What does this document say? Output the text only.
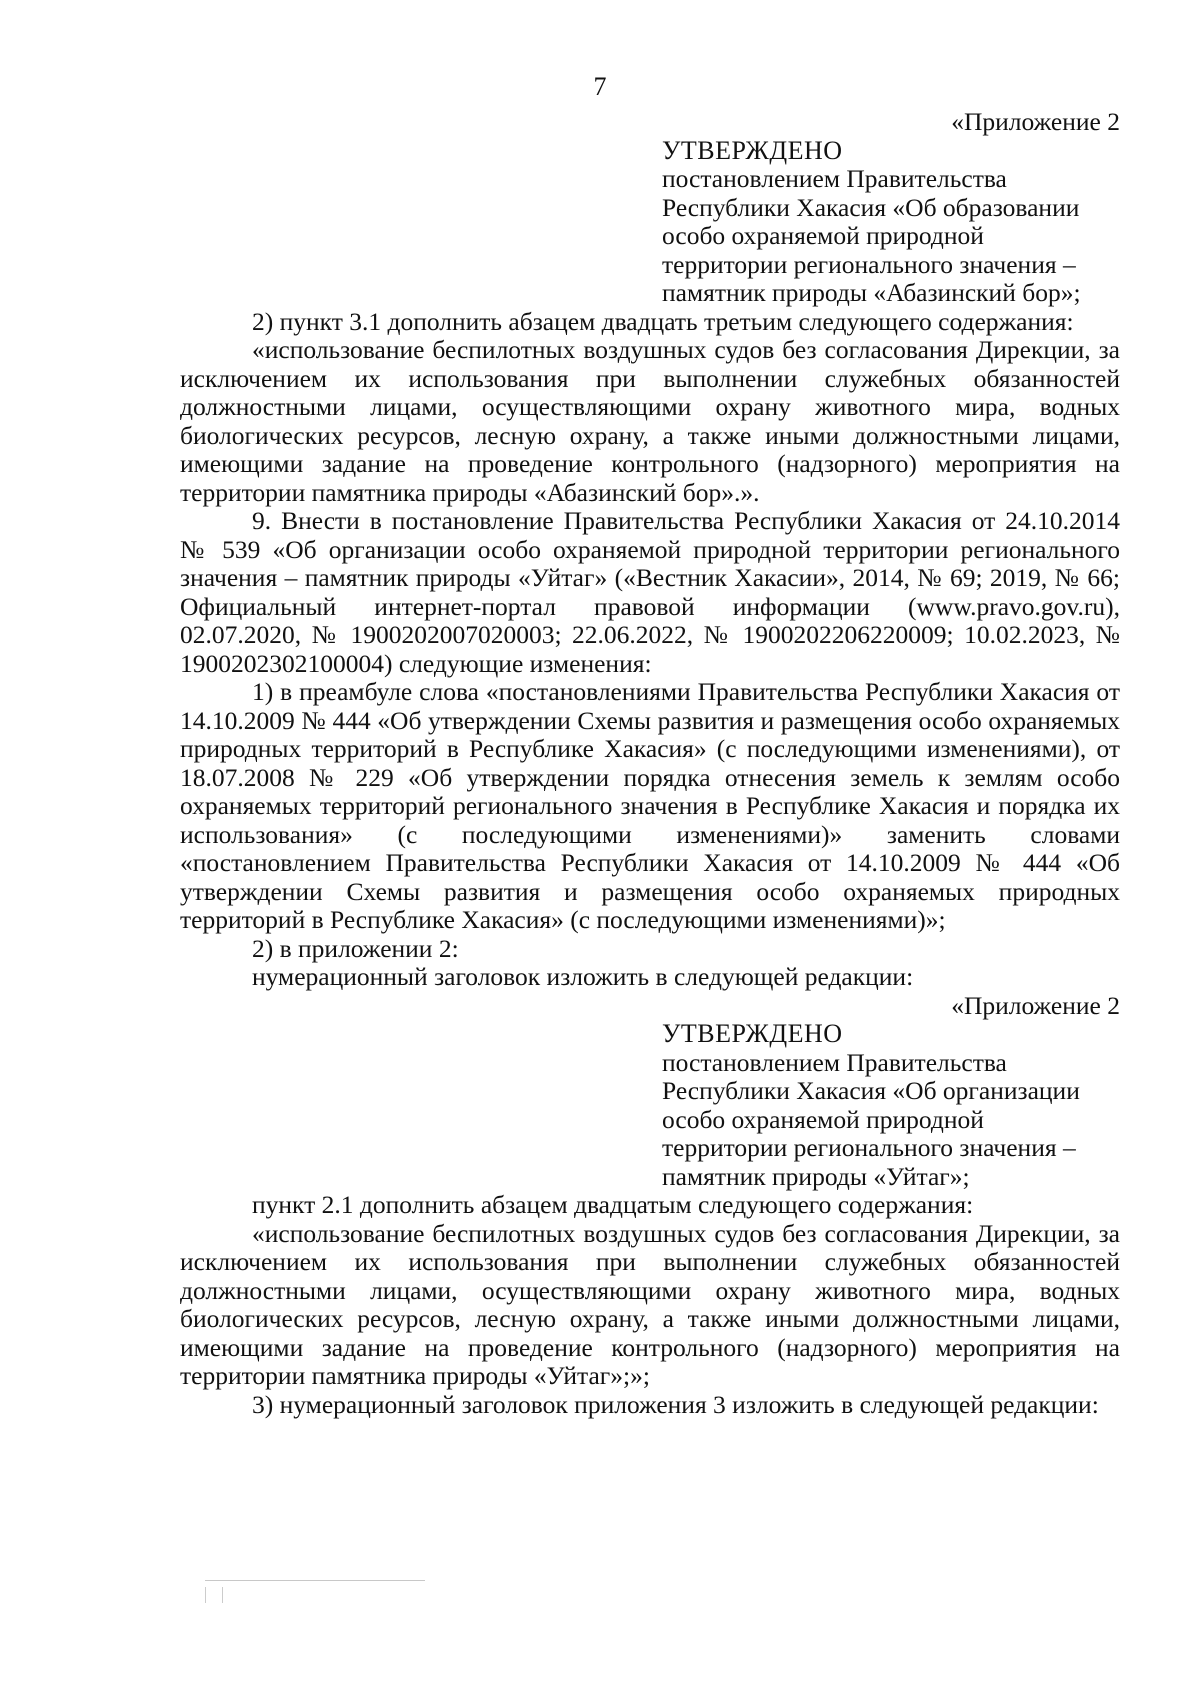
7

«Приложение 2

УТВЕРЖДЕНО

постановлением Правительства

Республики Хакасия «Об образовании

особо охраняемой природной

территории регионального значения –

памятник природы «Абазинский бор»;

2) пункт 3.1 дополнить абзацем двадцать третьим следующего содержания:

«использование беспилотных воздушных судов без согласования Дирекции, за исключением их использования при выполнении служебных обязанностей должностными лицами, осуществляющими охрану животного мира, водных биологических ресурсов, лесную охрану, а также иными должностными лицами, имеющими задание на проведение контрольного (надзорного) мероприятия на территории памятника природы «Абазинский бор».».

9. Внести в постановление Правительства Республики Хакасия от 24.10.2014 № 539 «Об организации особо охраняемой природной территории регионального значения – памятник природы «Уйтаг» («Вестник Хакасии», 2014, № 69; 2019, № 66; Официальный интернет-портал правовой информации (www.pravo.gov.ru), 02.07.2020, № 1900202007020003; 22.06.2022, № 1900202206220009; 10.02.2023, № 1900202302100004) следующие изменения:

1) в преамбуле слова «постановлениями Правительства Республики Хакасия от 14.10.2009 № 444 «Об утверждении Схемы развития и размещения особо охраняемых природных территорий в Республике Хакасия» (с последующими изменениями), от 18.07.2008 № 229 «Об утверждении порядка отнесения земель к землям особо охраняемых территорий регионального значения в Республике Хакасия и порядка их использования» (с последующими изменениями)» заменить словами «постановлением Правительства Республики Хакасия от 14.10.2009 № 444 «Об утверждении Схемы развития и размещения особо охраняемых природных территорий в Республике Хакасия» (с последующими изменениями)»;

2) в приложении 2:

нумерационный заголовок изложить в следующей редакции:

«Приложение 2

УТВЕРЖДЕНО

постановлением Правительства

Республики Хакасия «Об организации

особо охраняемой природной

территории регионального значения –

памятник природы «Уйтаг»;

пункт 2.1 дополнить абзацем двадцатым следующего содержания:

«использование беспилотных воздушных судов без согласования Дирекции, за исключением их использования при выполнении служебных обязанностей должностными лицами, осуществляющими охрану животного мира, водных биологических ресурсов, лесную охрану, а также иными должностными лицами, имеющими задание на проведение контрольного (надзорного) мероприятия на территории памятника природы «Уйтаг»;»;

3) нумерационный заголовок приложения 3 изложить в следующей редакции:
